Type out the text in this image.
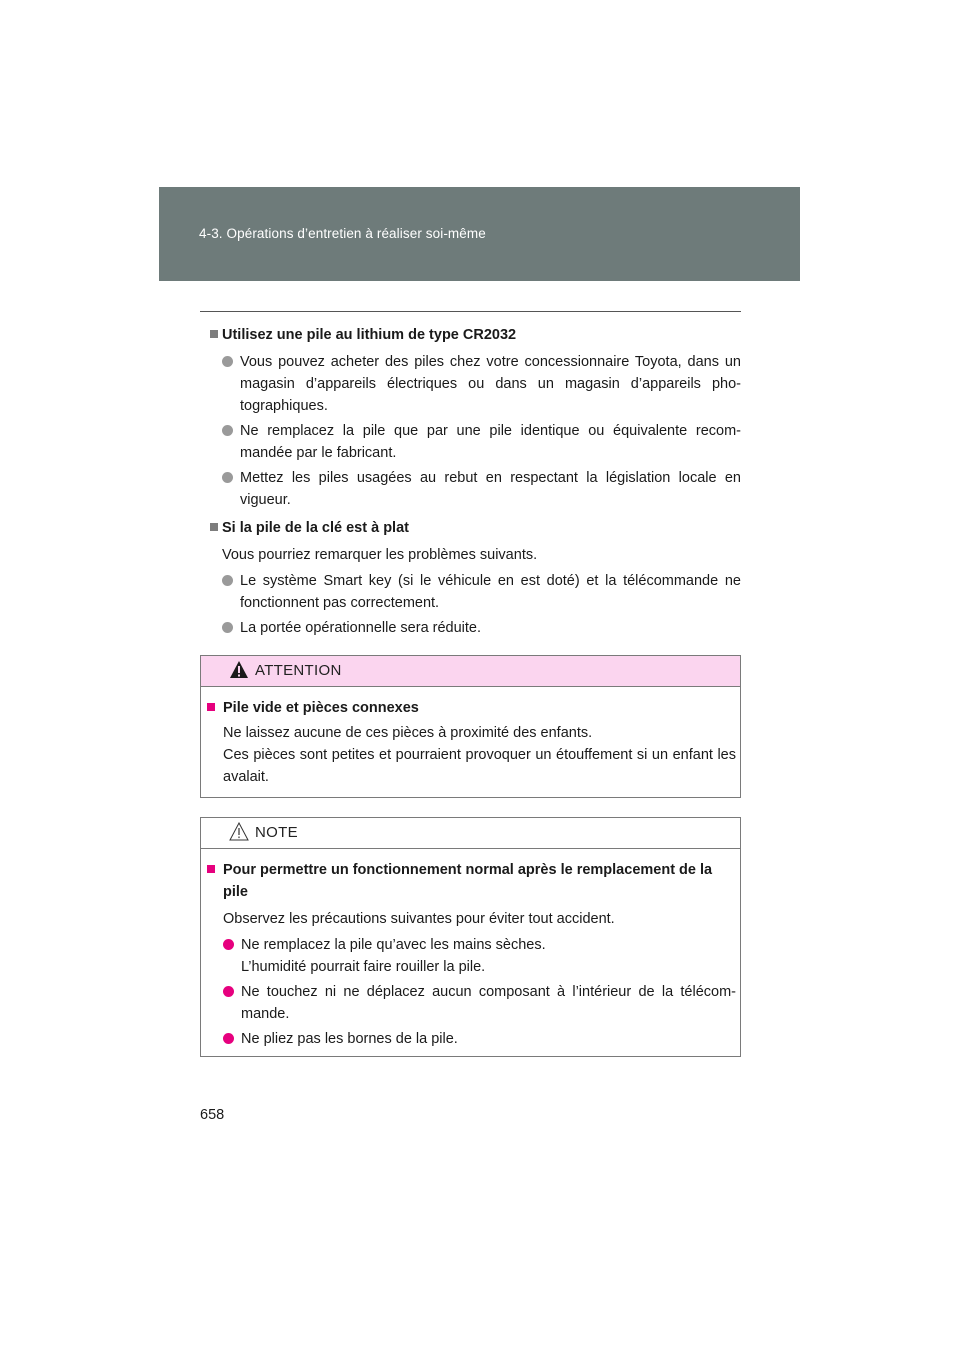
4-3. Opérations d’entretien à réaliser soi-même
Utilisez une pile au lithium de type CR2032
Vous pouvez acheter des piles chez votre concessionnaire Toyota, dans un magasin d’appareils électriques ou dans un magasin d’appareils pho-tographiques.
Ne remplacez la pile que par une pile identique ou équivalente recom-mandée par le fabricant.
Mettez les piles usagées au rebut en respectant la législation locale en vigueur.
Si la pile de la clé est à plat
Vous pourriez remarquer les problèmes suivants.
Le système Smart key (si le véhicule en est doté) et la télécommande ne fonctionnent pas correctement.
La portée opérationnelle sera réduite.
ATTENTION
Pile vide et pièces connexes
Ne laissez aucune de ces pièces à proximité des enfants.
Ces pièces sont petites et pourraient provoquer un étouffement si un enfant les avalait.
NOTE
Pour permettre un fonctionnement normal après le remplacement de la pile
Observez les précautions suivantes pour éviter tout accident.
Ne remplacez la pile qu’avec les mains sèches.
L’humidité pourrait faire rouiller la pile.
Ne touchez ni ne déplacez aucun composant à l’intérieur de la télécom-mande.
Ne pliez pas les bornes de la pile.
658
